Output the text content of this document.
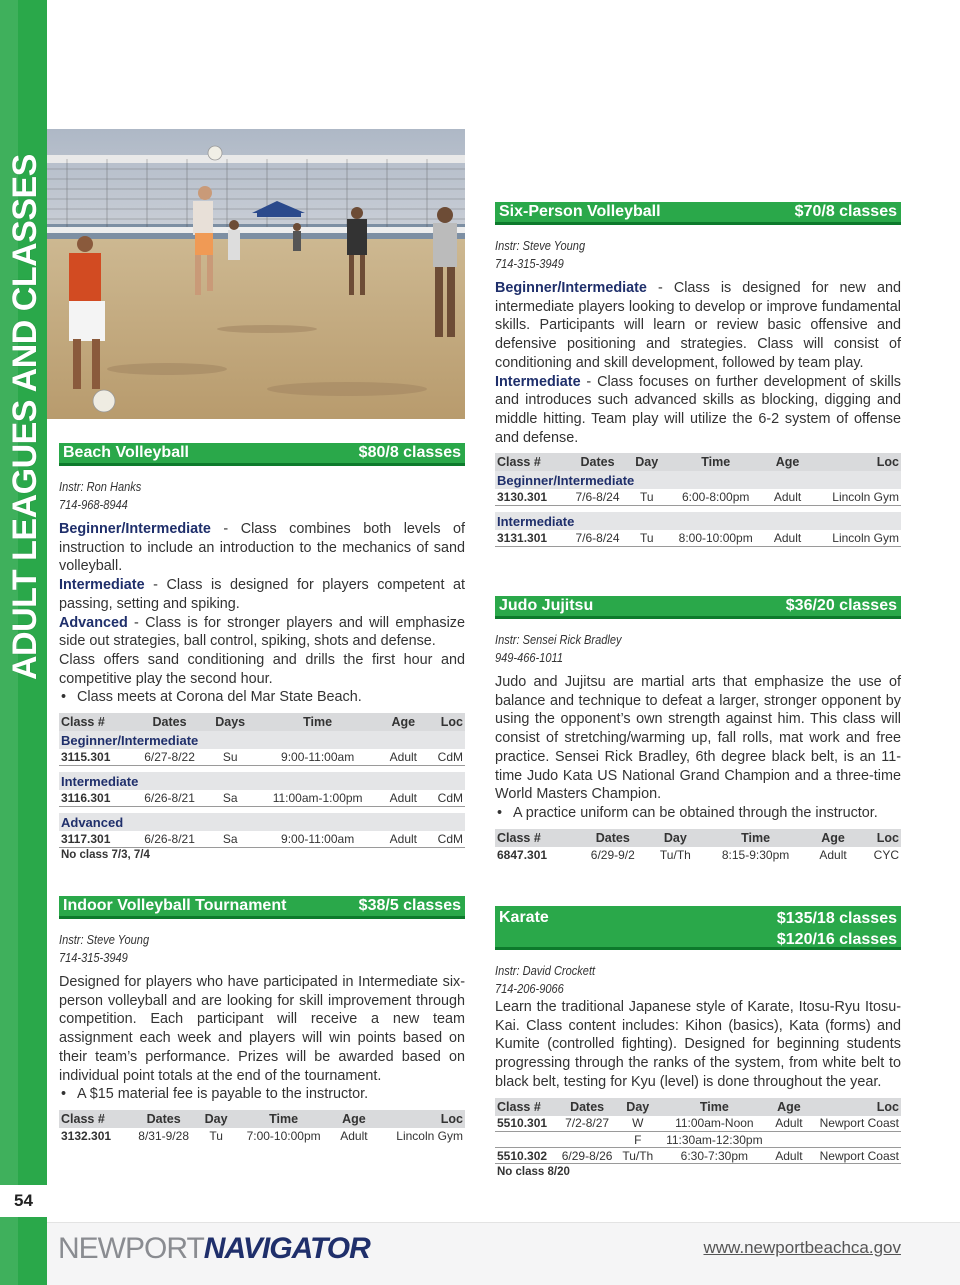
ADULT LEAGUES AND CLASSES
54
Beach Volleyball	$80/8 classes
Instr: Ron Hanks
714-968-8944
Beginner/Intermediate - Class combines both levels of instruction to include an introduction to the mechanics of sand volleyball.
Intermediate - Class is designed for players competent at passing, setting and spiking.
Advanced - Class is for stronger players and will emphasize side out strategies, ball control, spiking, shots and defense.
Class offers sand conditioning and drills the first hour and competitive play the second hour.
• Class meets at Corona del Mar State Beach.
Class #	Dates	Days	Time	Age	Loc
Beginner/Intermediate					
3115.301	6/27-8/22	Su	9:00-11:00am	Adult	CdM

Intermediate					
3116.301	6/26-8/21	Sa	11:00am-1:00pm	Adult	CdM

Advanced					
3117.301	6/26-8/21	Sa	9:00-11:00am	Adult	CdM
No class 7/3, 7/4					
Indoor Volleyball Tournament	$38/5 classes
Instr: Steve Young
714-315-3949
Designed for players who have participated in Intermediate six-person volleyball and are looking for skill improvement through competition. Each participant will receive a new team assignment each week and players will win points based on their team’s performance. Prizes will be awarded based on individual point totals at the end of the tournament.
• A $15 material fee is payable to the instructor.
Class #	Dates	Day	Time	Age	Loc
3132.301	8/31-9/28	Tu	7:00-10:00pm	Adult	Lincoln Gym
Six-Person Volleyball	$70/8 classes
Instr: Steve Young
714-315-3949
Beginner/Intermediate - Class is designed for new and intermediate players looking to develop or improve fundamental skills. Participants will learn or review basic offensive and defensive positioning and strategies. Class will consist of conditioning and skill development, followed by team play.
Intermediate - Class focuses on further development of skills and introduces such advanced skills as blocking, digging and middle hitting. Team play will utilize the 6-2 system of offense and defense.
Class #	Dates	Day	Time	Age	Loc
Beginner/Intermediate					
3130.301	7/6-8/24	Tu	6:00-8:00pm	Adult	Lincoln Gym

Intermediate					
3131.301	7/6-8/24	Tu	8:00-10:00pm	Adult	Lincoln Gym
Judo Jujitsu	$36/20 classes
Instr: Sensei Rick Bradley
949-466-1011
Judo and Jujitsu are martial arts that emphasize the use of balance and technique to defeat a larger, stronger opponent by using the opponent’s own strength against him. This class will consist of stretching/warming up, fall rolls, mat work and free practice. Sensei Rick Bradley, 6th degree black belt, is an 11-time Judo Kata US National Grand Champion and a three-time World Masters Champion.
• A practice uniform can be obtained through the instructor.
Class #	Dates	Day	Time	Age	Loc
6847.301	6/29-9/2	Tu/Th	8:15-9:30pm	Adult	CYC
Karate	$135/18 classes
$120/16 classes
Instr: David Crockett
714-206-9066
Learn the traditional Japanese style of Karate, Itosu-Ryu Itosu-Kai. Class content includes: Kihon (basics), Kata (forms) and Kumite (controlled fighting). Designed for beginning students progressing through the ranks of the system, from white belt to black belt, testing for Kyu (level) is done throughout the year.
Class #	Dates	Day	Time	Age	Loc
5510.301	7/2-8/27	W	11:00am-Noon	Adult	Newport Coast
		F	11:30am-12:30pm		
5510.302	6/29-8/26	Tu/Th	6:30-7:30pm	Adult	Newport Coast
No class 8/20					
NEWPORTNAVIGATOR	www.newportbeachca.gov
